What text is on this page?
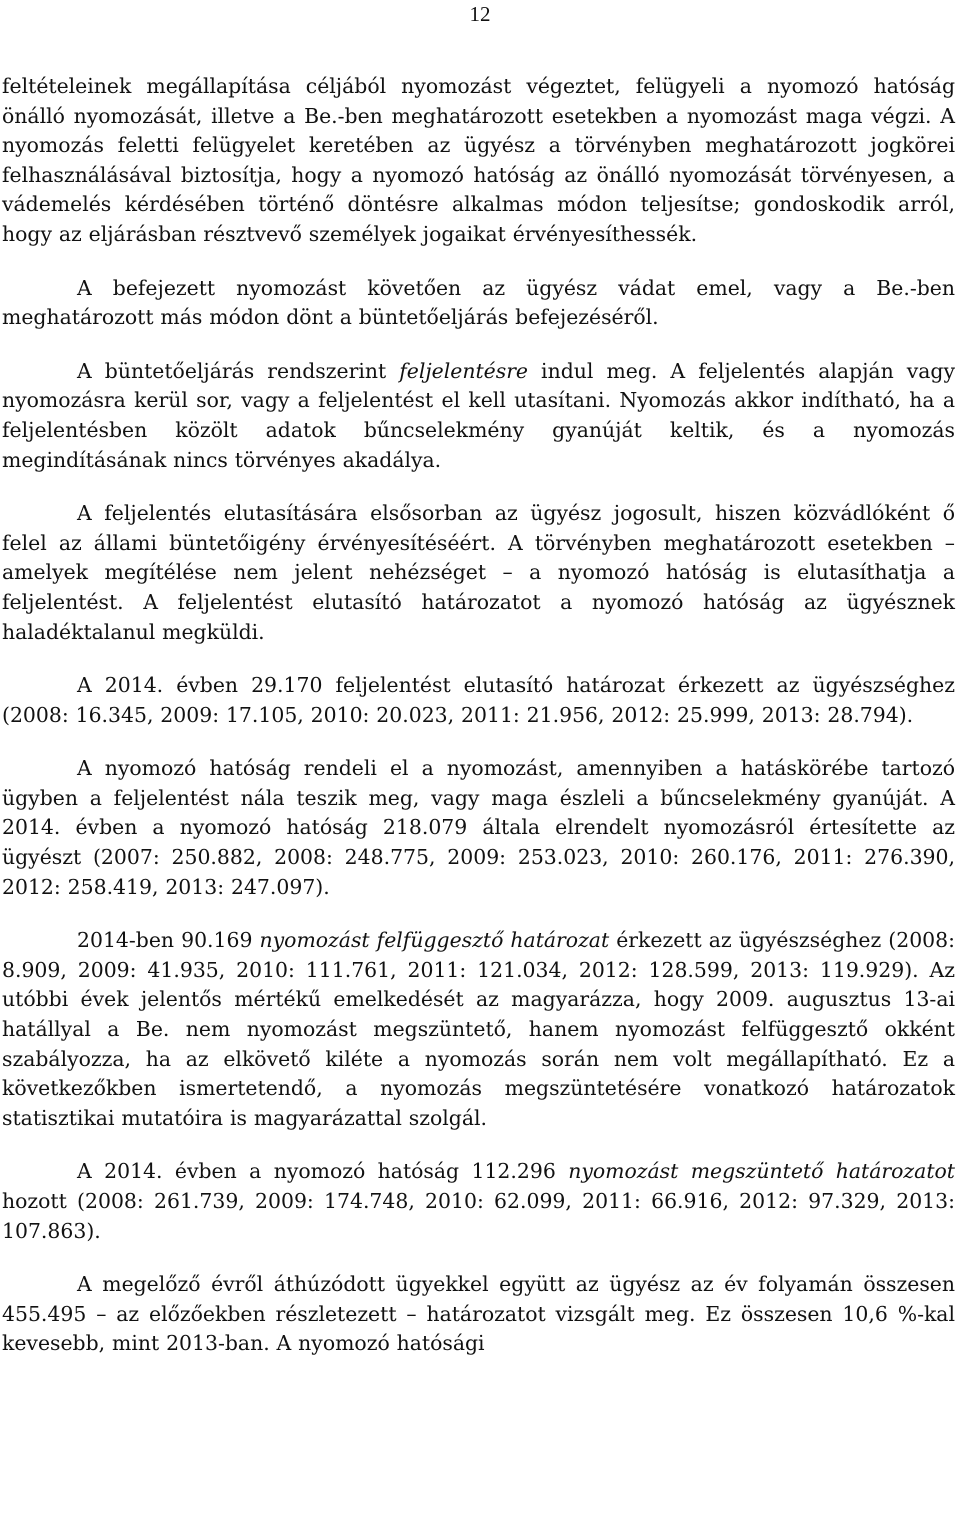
12

feltételeinek megállapítása céljából nyomozást végeztet, felügyeli a nyomozó hatóság önálló nyomozását, illetve a Be.-ben meghatározott esetekben a nyomozást maga végzi. A nyomozás feletti felügyelet keretében az ügyész a törvényben meghatározott jogkörei felhasználásával biztosítja, hogy a nyomozó hatóság az önálló nyomozását törvényesen, a vádemelés kérdésében történő döntésre alkalmas módon teljesítse; gondoskodik arról, hogy az eljárásban résztvevő személyek jogaikat érvényesíthessék.

A befejezett nyomozást követően az ügyész vádat emel, vagy a Be.-ben meghatározott más módon dönt a büntetőeljárás befejezéséről.

A büntetőeljárás rendszerint feljelentésre indul meg. A feljelentés alapján vagy nyomozásra kerül sor, vagy a feljelentést el kell utasítani. Nyomozás akkor indítható, ha a feljelentésben közölt adatok bűncselekmény gyanúját keltik, és a nyomozás megindításának nincs törvényes akadálya.

A feljelentés elutasítására elsősorban az ügyész jogosult, hiszen közvádlóként ő felel az állami büntetőigény érvényesítéséért. A törvényben meghatározott esetekben – amelyek megítélése nem jelent nehézséget – a nyomozó hatóság is elutasíthatja a feljelentést. A feljelentést elutasító határozatot a nyomozó hatóság az ügyésznek haladéktalanul megküldi.

A 2014. évben 29.170 feljelentést elutasító határozat érkezett az ügyészséghez (2008: 16.345, 2009: 17.105, 2010: 20.023, 2011: 21.956, 2012: 25.999, 2013: 28.794).

A nyomozó hatóság rendeli el a nyomozást, amennyiben a hatáskörébe tartozó ügyben a feljelentést nála teszik meg, vagy maga észleli a bűncselekmény gyanúját. A 2014. évben a nyomozó hatóság 218.079 általa elrendelt nyomozásról értesítette az ügyészt (2007: 250.882, 2008: 248.775, 2009: 253.023, 2010: 260.176, 2011: 276.390, 2012: 258.419, 2013: 247.097).

2014-ben 90.169 nyomozást felfüggesztő határozat érkezett az ügyészséghez (2008: 8.909, 2009: 41.935, 2010: 111.761, 2011: 121.034, 2012: 128.599, 2013: 119.929). Az utóbbi évek jelentős mértékű emelkedését az magyarázza, hogy 2009. augusztus 13-ai hatállyal a Be. nem nyomozást megszüntető, hanem nyomozást felfüggesztő okként szabályozza, ha az elkövető kiléte a nyomozás során nem volt megállapítható. Ez a következőkben ismertetendő, a nyomozás megszüntetésére vonatkozó határozatok statisztikai mutatóira is magyarázattal szolgál.

A 2014. évben a nyomozó hatóság 112.296 nyomozást megszüntető határozatot hozott (2008: 261.739, 2009: 174.748, 2010: 62.099, 2011: 66.916, 2012: 97.329, 2013: 107.863).

A megelőző évről áthúzódott ügyekkel együtt az ügyész az év folyamán összesen 455.495 – az előzőekben részletezett – határozatot vizsgált meg. Ez összesen 10,6 %-kal kevesebb, mint 2013-ban. A nyomozó hatósági
